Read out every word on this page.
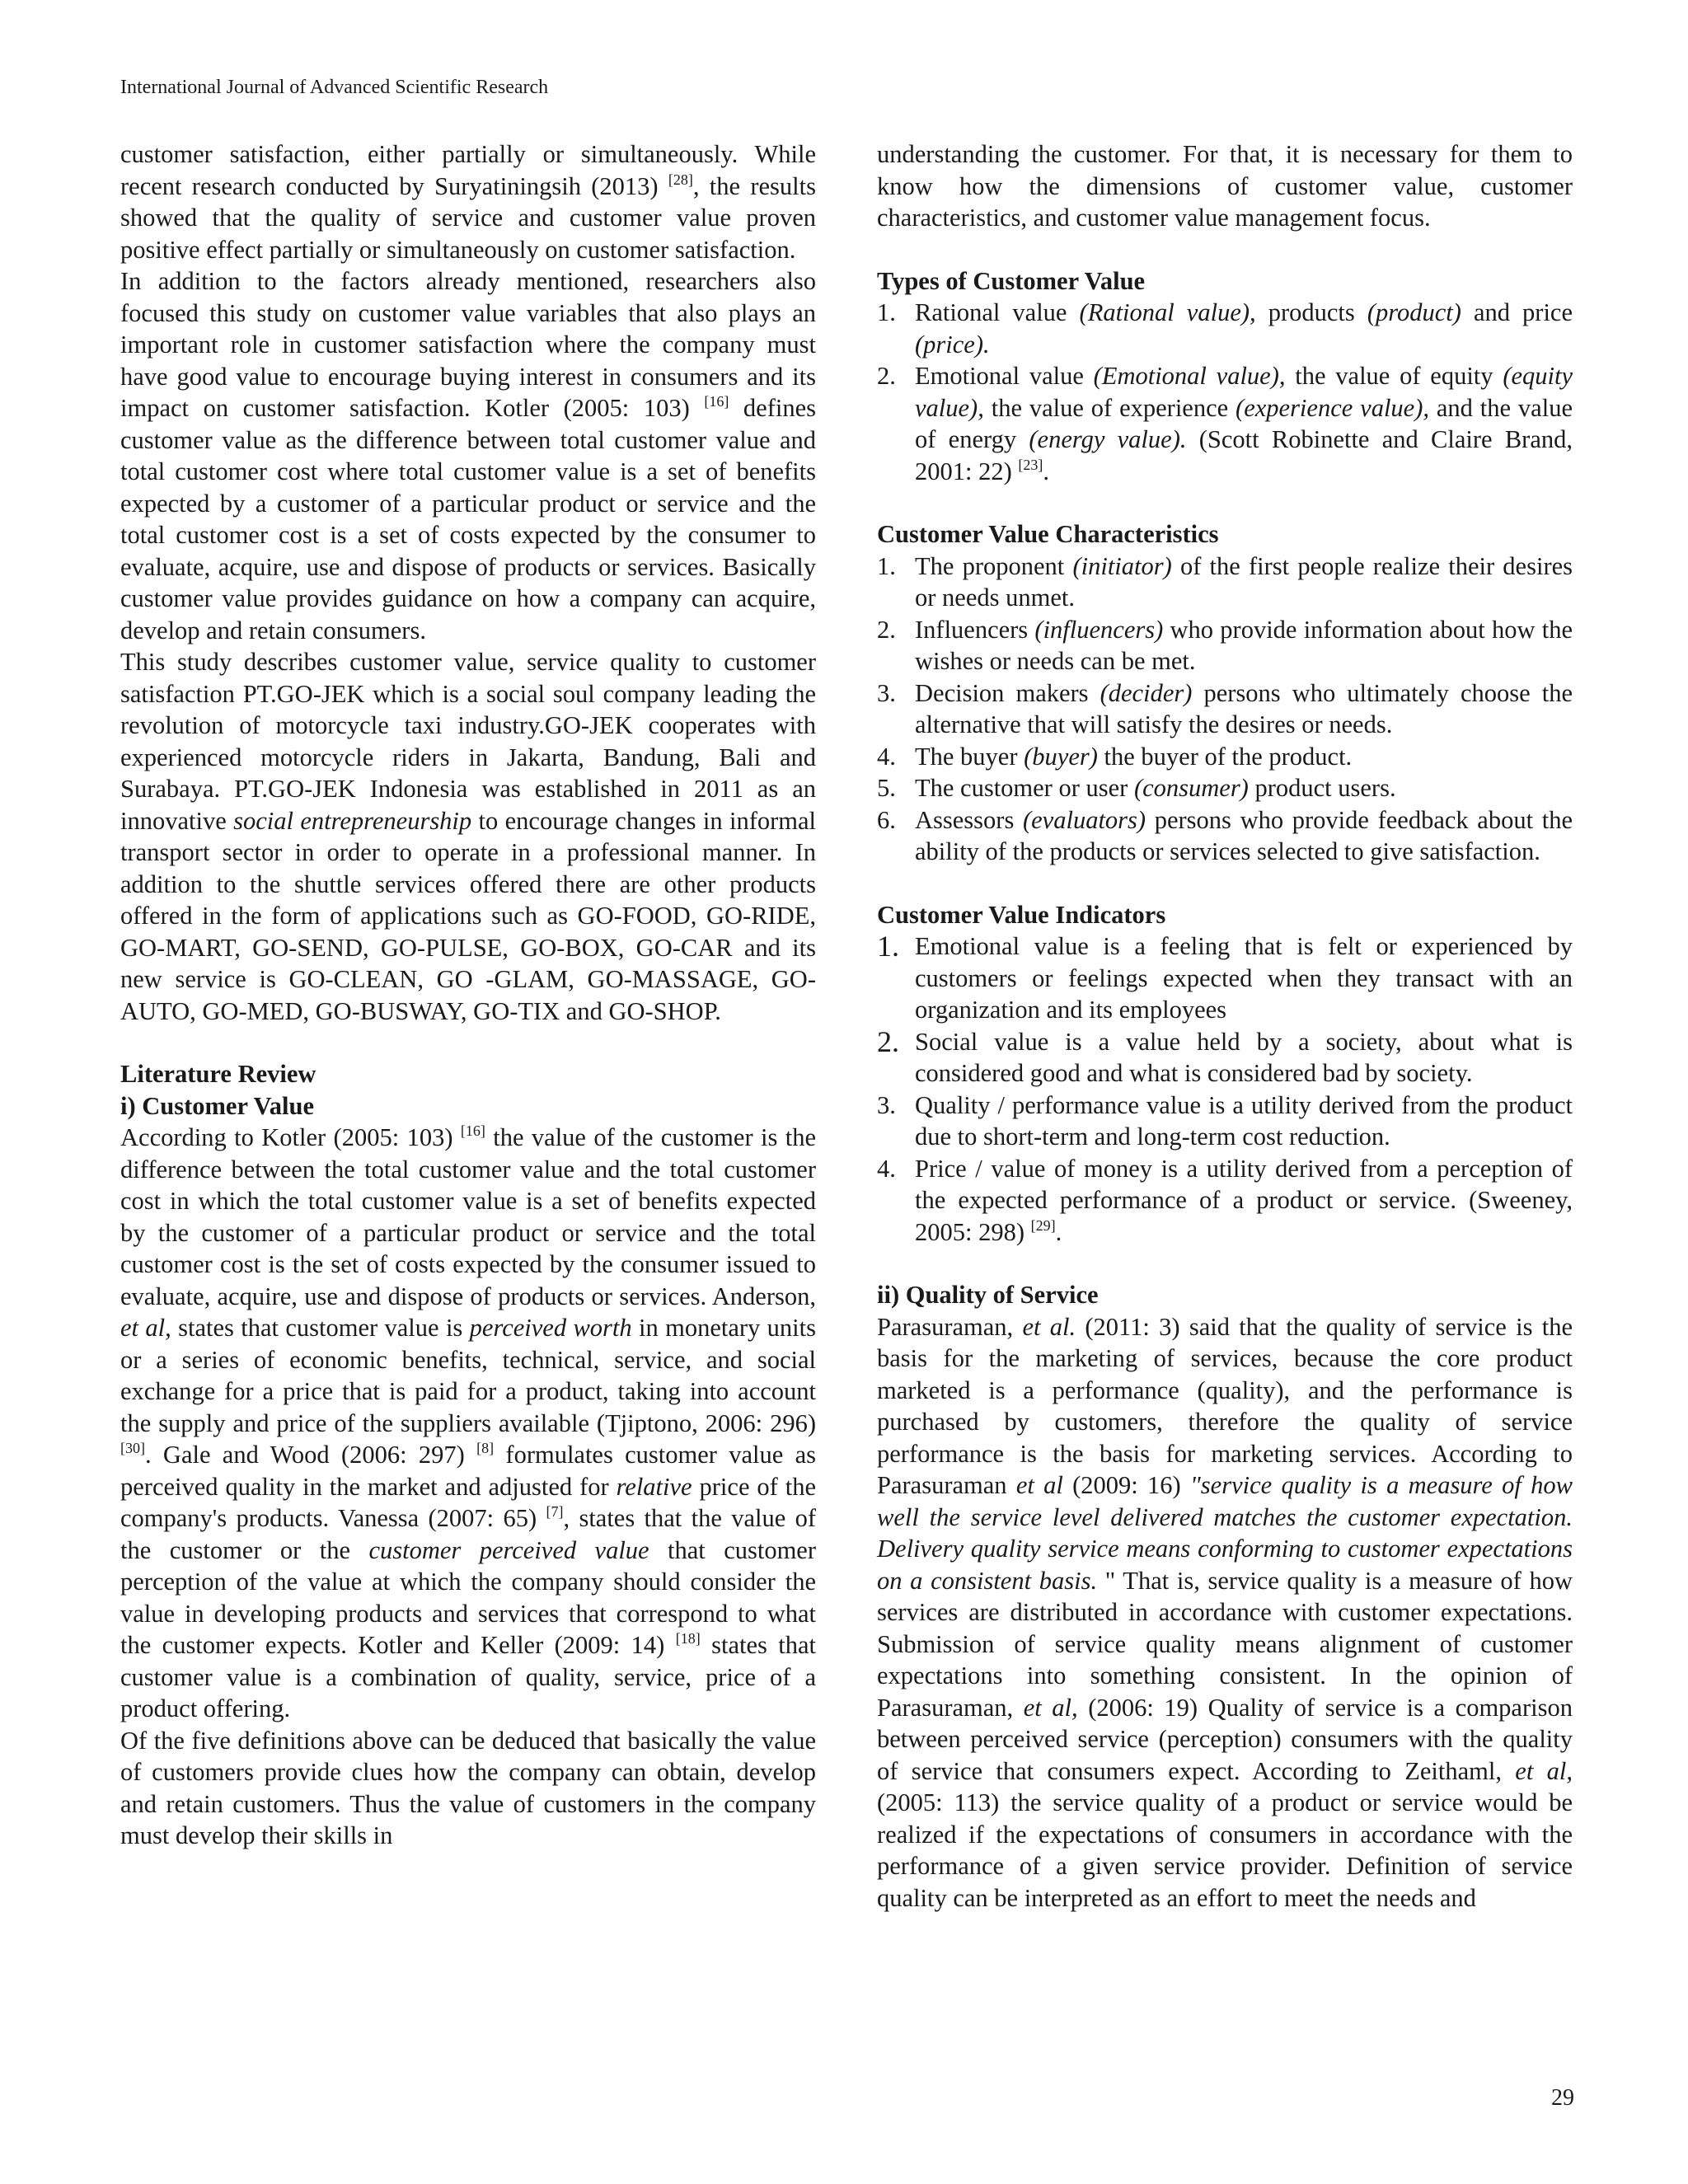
International Journal of Advanced Scientific Research

customer satisfaction, either partially or simultaneously. While recent research conducted by Suryatiningsih (2013) [28], the results showed that the quality of service and customer value proven positive effect partially or simultaneously on customer satisfaction.

In addition to the factors already mentioned, researchers also focused this study on customer value variables that also plays an important role in customer satisfaction where the company must have good value to encourage buying interest in consumers and its impact on customer satisfaction. Kotler (2005: 103) [16] defines customer value as the difference between total customer value and total customer cost where total customer value is a set of benefits expected by a customer of a particular product or service and the total customer cost is a set of costs expected by the consumer to evaluate, acquire, use and dispose of products or services. Basically customer value provides guidance on how a company can acquire, develop and retain consumers.

This study describes customer value, service quality to customer satisfaction PT.GO-JEK which is a social soul company leading the revolution of motorcycle taxi industry.GO-JEK cooperates with experienced motorcycle riders in Jakarta, Bandung, Bali and Surabaya. PT.GO-JEK Indonesia was established in 2011 as an innovative social entrepreneurship to encourage changes in informal transport sector in order to operate in a professional manner. In addition to the shuttle services offered there are other products offered in the form of applications such as GO-FOOD, GO-RIDE, GO-MART, GO-SEND, GO-PULSE, GO-BOX, GO-CAR and its new service is GO-CLEAN, GO -GLAM, GO-MASSAGE, GO-AUTO, GO-MED, GO-BUSWAY, GO-TIX and GO-SHOP.

Literature Review
i) Customer Value

According to Kotler (2005: 103) [16] the value of the customer is the difference between the total customer value and the total customer cost in which the total customer value is a set of benefits expected by the customer of a particular product or service and the total customer cost is the set of costs expected by the consumer issued to evaluate, acquire, use and dispose of products or services. Anderson, et al, states that customer value is perceived worth in monetary units or a series of economic benefits, technical, service, and social exchange for a price that is paid for a product, taking into account the supply and price of the suppliers available (Tjiptono, 2006: 296) [30]. Gale and Wood (2006: 297) [8] formulates customer value as perceived quality in the market and adjusted for relative price of the company's products. Vanessa (2007: 65) [7], states that the value of the customer or the customer perceived value that customer perception of the value at which the company should consider the value in developing products and services that correspond to what the customer expects. Kotler and Keller (2009: 14) [18] states that customer value is a combination of quality, service, price of a product offering.

Of the five definitions above can be deduced that basically the value of customers provide clues how the company can obtain, develop and retain customers. Thus the value of customers in the company must develop their skills in

understanding the customer. For that, it is necessary for them to know how the dimensions of customer value, customer characteristics, and customer value management focus.

Types of Customer Value
1. Rational value (Rational value), products (product) and price (price).
2. Emotional value (Emotional value), the value of equity (equity value), the value of experience (experience value), and the value of energy (energy value). (Scott Robinette and Claire Brand, 2001: 22) [23].
Customer Value Characteristics
1. The proponent (initiator) of the first people realize their desires or needs unmet.
2. Influencers (influencers) who provide information about how the wishes or needs can be met.
3. Decision makers (decider) persons who ultimately choose the alternative that will satisfy the desires or needs.
4. The buyer (buyer) the buyer of the product.
5. The customer or user (consumer) product users.
6. Assessors (evaluators) persons who provide feedback about the ability of the products or services selected to give satisfaction.
Customer Value Indicators
1. Emotional value is a feeling that is felt or experienced by customers or feelings expected when they transact with an organization and its employees
2. Social value is a value held by a society, about what is considered good and what is considered bad by society.
3. Quality / performance value is a utility derived from the product due to short-term and long-term cost reduction.
4. Price / value of money is a utility derived from a perception of the expected performance of a product or service. (Sweeney, 2005: 298) [29].
ii) Quality of Service

Parasuraman, et al. (2011: 3) said that the quality of service is the basis for the marketing of services, because the core product marketed is a performance (quality), and the performance is purchased by customers, therefore the quality of service performance is the basis for marketing services. According to Parasuraman et al (2009: 16) "service quality is a measure of how well the service level delivered matches the customer expectation. Delivery quality service means conforming to customer expectations on a consistent basis. " That is, service quality is a measure of how services are distributed in accordance with customer expectations. Submission of service quality means alignment of customer expectations into something consistent. In the opinion of Parasuraman, et al, (2006: 19) Quality of service is a comparison between perceived service (perception) consumers with the quality of service that consumers expect. According to Zeithaml, et al, (2005: 113) the service quality of a product or service would be realized if the expectations of consumers in accordance with the performance of a given service provider. Definition of service quality can be interpreted as an effort to meet the needs and

29
